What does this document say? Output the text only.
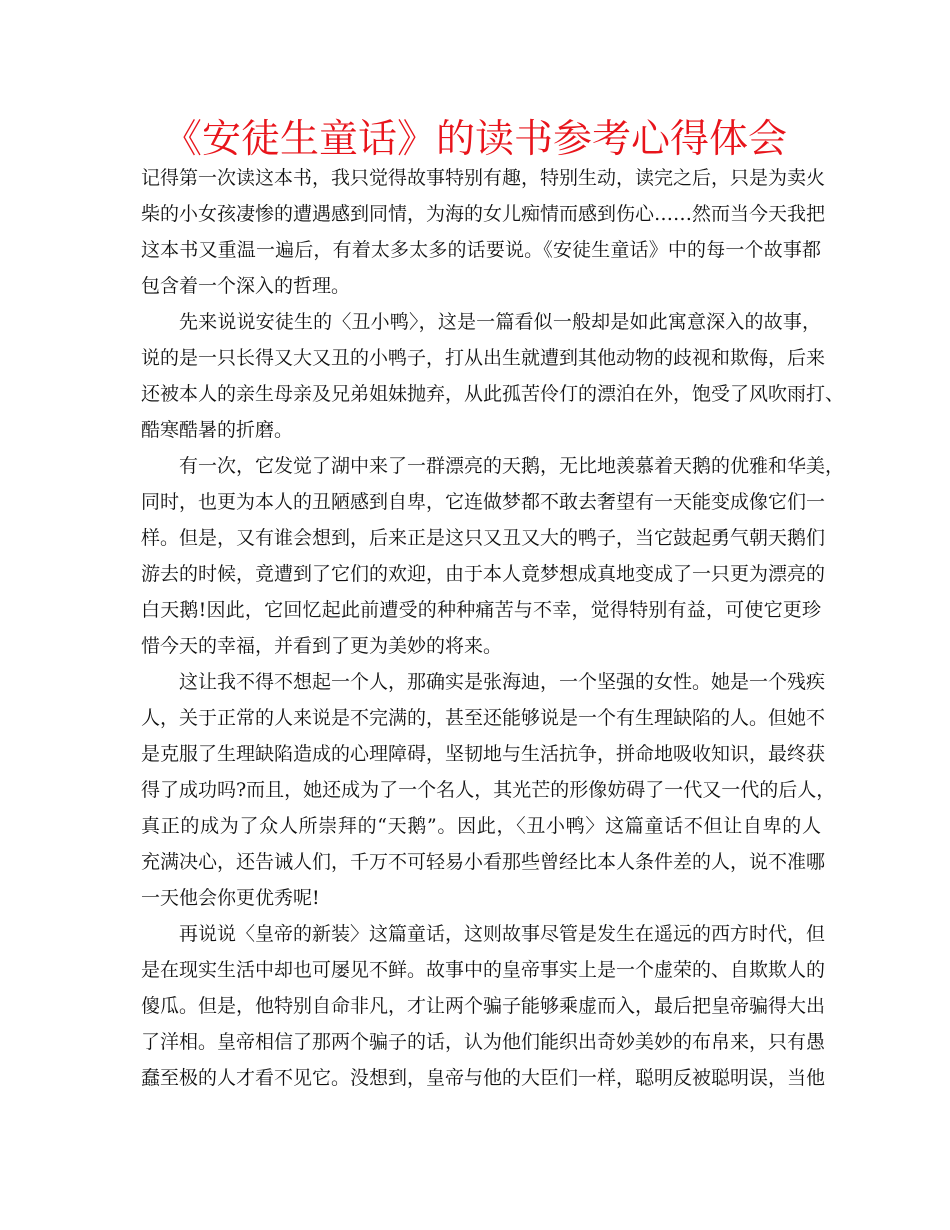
《安徒生童话》的读书参考心得体会

记得第一次读这本书，我只觉得故事特别有趣，特别生动，读完之后，只是为卖火
柴的小女孩凄惨的遭遇感到同情，为海的女儿痴情而感到伤心……然而当今天我把
这本书又重温一遍后，有着太多太多的话要说。《安徒生童话》中的每一个故事都
包含着一个深入的哲理。

先来说说安徒生的〈丑小鸭〉，这是一篇看似一般却是如此寓意深入的故事，
说的是一只长得又大又丑的小鸭子，打从出生就遭到其他动物的歧视和欺侮，后来
还被本人的亲生母亲及兄弟姐妹抛弃，从此孤苦伶仃的漂泊在外，饱受了风吹雨打、
酷寒酷暑的折磨。

有一次，它发觉了湖中来了一群漂亮的天鹅，无比地羡慕着天鹅的优雅和华美，
同时，也更为本人的丑陋感到自卑，它连做梦都不敢去奢望有一天能变成像它们一
样。但是，又有谁会想到，后来正是这只又丑又大的鸭子，当它鼓起勇气朝天鹅们
游去的时候，竟遭到了它们的欢迎，由于本人竟梦想成真地变成了一只更为漂亮的
白天鹅!因此，它回忆起此前遭受的种种痛苦与不幸，觉得特别有益，可使它更珍
惜今天的幸福，并看到了更为美妙的将来。

这让我不得不想起一个人，那确实是张海迪，一个坚强的女性。她是一个残疾
人，关于正常的人来说是不完满的，甚至还能够说是一个有生理缺陷的人。但她不
是克服了生理缺陷造成的心理障碍，坚韧地与生活抗争，拼命地吸收知识，最终获
得了成功吗?而且，她还成为了一个名人，其光芒的形像妨碍了一代又一代的后人，
真正的成为了众人所崇拜的“天鹅”。因此，〈丑小鸭〉这篇童话不但让自卑的人
充满决心，还告诫人们，千万不可轻易小看那些曾经比本人条件差的人，说不准哪
一天他会你更优秀呢!

再说说〈皇帝的新装〉这篇童话，这则故事尽管是发生在遥远的西方时代，但
是在现实生活中却也可屡见不鲜。故事中的皇帝事实上是一个虚荣的、自欺欺人的
傻瓜。但是，他特别自命非凡，才让两个骗子能够乘虚而入，最后把皇帝骗得大出
了洋相。皇帝相信了那两个骗子的话，认为他们能织出奇妙美妙的布帛来，只有愚
蠢至极的人才看不见它。没想到，皇帝与他的大臣们一样，聪明反被聪明误，当他
